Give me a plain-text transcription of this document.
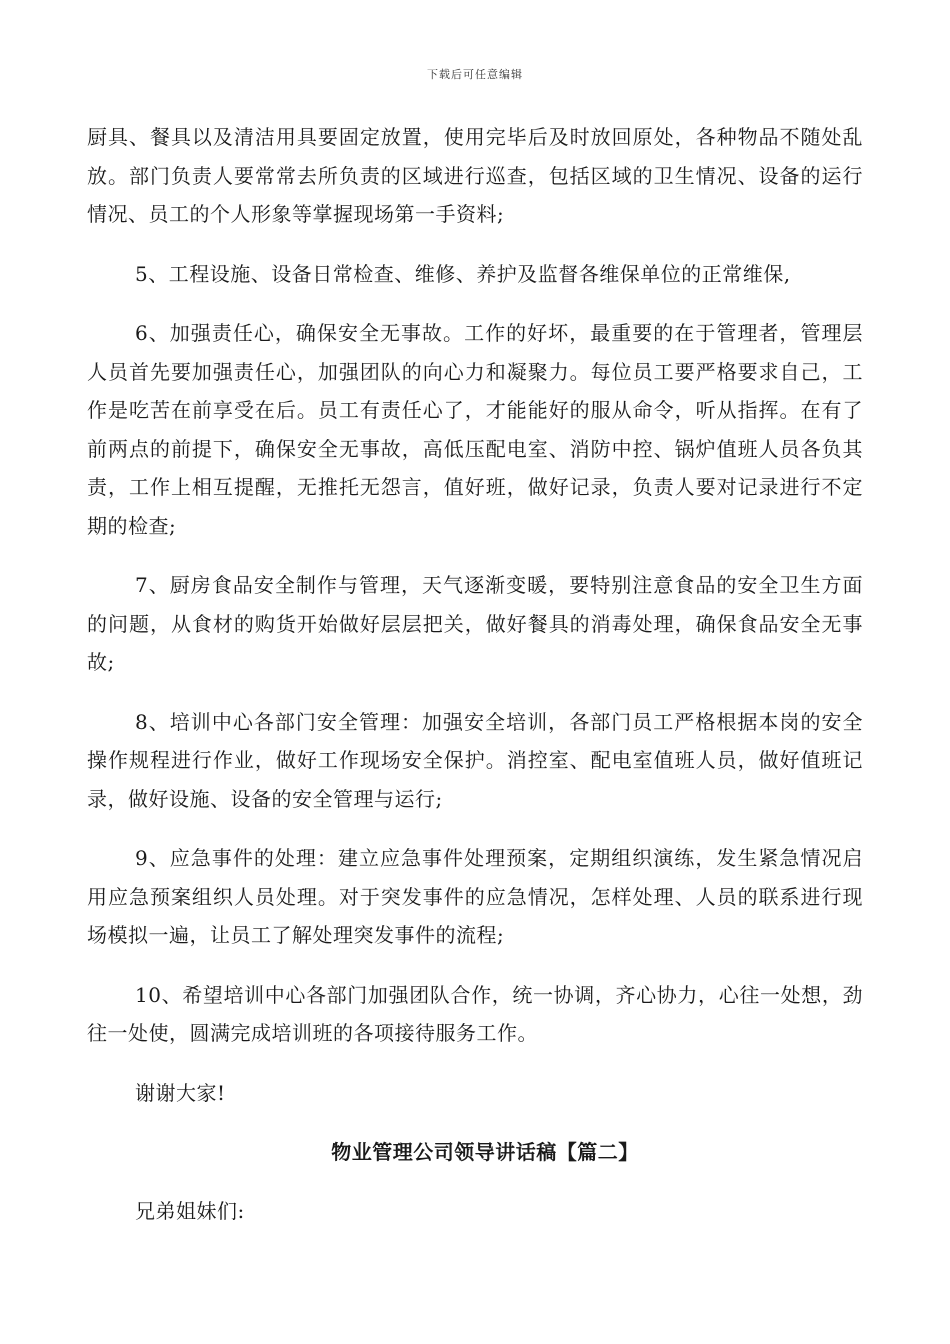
下载后可任意编辑

厨具、餐具以及清洁用具要固定放置，使用完毕后及时放回原处，各种物品不随处乱放。部门负责人要常常去所负责的区域进行巡查，包括区域的卫生情况、设备的运行情况、员工的个人形象等掌握现场第一手资料;

5、工程设施、设备日常检查、维修、养护及监督各维保单位的正常维保,

6、加强责任心，确保安全无事故。工作的好坏，最重要的在于管理者，管理层人员首先要加强责任心，加强团队的向心力和凝聚力。每位员工要严格要求自己，工作是吃苦在前享受在后。员工有责任心了，才能能好的服从命令，听从指挥。在有了前两点的前提下，确保安全无事故，高低压配电室、消防中控、锅炉值班人员各负其责，工作上相互提醒，无推托无怨言，值好班，做好记录，负责人要对记录进行不定期的检查;

7、厨房食品安全制作与管理，天气逐渐变暖，要特别注意食品的安全卫生方面的问题，从食材的购货开始做好层层把关，做好餐具的消毒处理，确保食品安全无事故;

8、培训中心各部门安全管理：加强安全培训，各部门员工严格根据本岗的安全操作规程进行作业，做好工作现场安全保护。消控室、配电室值班人员，做好值班记录，做好设施、设备的安全管理与运行;

9、应急事件的处理：建立应急事件处理预案，定期组织演练，发生紧急情况启用应急预案组织人员处理。对于突发事件的应急情况，怎样处理、人员的联系进行现场模拟一遍，让员工了解处理突发事件的流程;

10、希望培训中心各部门加强团队合作，统一协调，齐心协力，心往一处想，劲往一处使，圆满完成培训班的各项接待服务工作。

谢谢大家!

物业管理公司领导讲话稿【篇二】

兄弟姐妹们:
